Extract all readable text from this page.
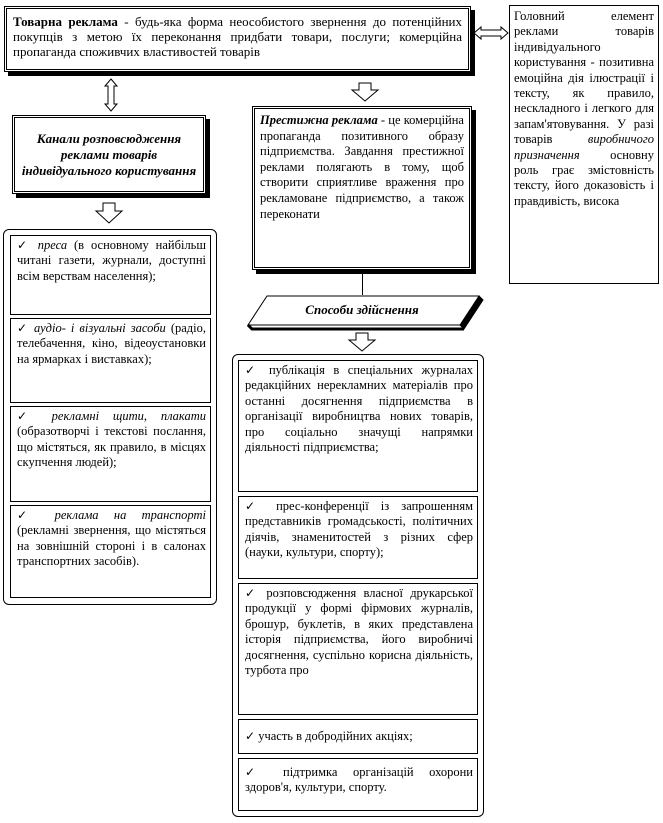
Товарна реклама - будь-яка форма неособистого звернення до потенційних покупців з метою їх переконання придбати товари, послуги; комерційна пропаганда споживчих властивостей товарів
Головний елемент реклами товарів індивідуального користування - позитивна емоційна дія ілюстрації і тексту, як правило, нескладного і легкого для запам'ятовування. У разі товарів виробничого призначення основну роль грає змістовність тексту, його доказовість і правдивість, висока
Канали розповсюдження реклами товарів індивідуального користування
✓ преса (в основному найбільш читані газети, журнали, доступні всім верствам населення);
✓ аудіо- і візуальні засоби (радіо, телебачення, кіно, відеоустановки на ярмарках і виставках);
✓ рекламні щити, плакати (образотворчі і текстові послання, що містяться, як правило, в місцях скупчення людей);
✓ реклама на транспорті (рекламні звернення, що містяться на зовнішній стороні і в салонах транспортних засобів).
Престижна реклама - це комерційна пропаганда позитивного образу підприємства. Завдання престижної реклами полягають в тому, щоб створити сприятливе враження про рекламоване підприємство, а також переконати
Способи здійснення
✓ публікація в спеціальних журналах редакційних нерекламних матеріалів про останні досягнення підприємства в організації виробництва нових товарів, про соціально значущі напрямки діяльності підприємства;
✓ прес-конференції із запрошенням представників громадськості, політичних діячів, знаменитостей з різних сфер (науки, культури, спорту);
✓ розповсюдження власної друкарської продукції у формі фірмових журналів, брошур, буклетів, в яких представлена історія підприємства, його виробничі досягнення, суспільно корисна діяльність, турбота про
✓ участь в добродійних акціях;
✓ підтримка організацій охорони здоров'я, культури, спорту.
